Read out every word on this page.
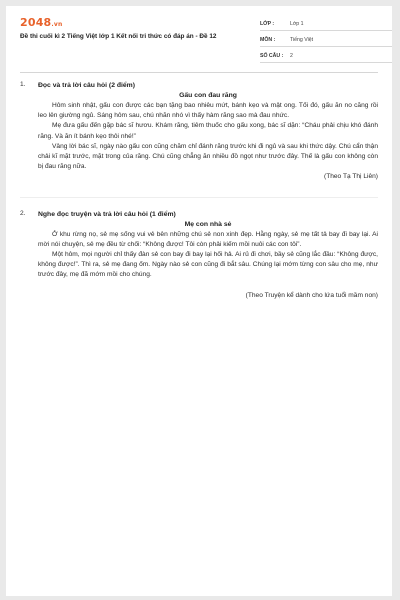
2048.vn
Đề thi cuối kì 2 Tiếng Việt lớp 1 Kết nối tri thức có đáp án - Đề 12
LỚP :	Lớp 1
MÔN :	Tiếng Việt
SỐ CÂU :	2
1. Đọc và trả lời câu hỏi (2 điểm)
Gấu con đau răng

Hôm sinh nhật, gấu con được các bạn tặng bao nhiêu mứt, bánh kẹo và mật ong. Tối đó, gấu ăn no căng rồi leo lên giường ngủ. Sáng hôm sau, chú nhăn nhó vì thấy hàm răng sao mà đau nhức.

Mẹ đưa gấu đến gặp bác sĩ hươu. Khám răng, tiêm thuốc cho gấu xong, bác sĩ dặn: “Cháu phải chịu khó đánh răng. Và ăn ít bánh kẹo thôi nhé!”

Vâng lời bác sĩ, ngày nào gấu con cũng chăm chỉ đánh răng trước khi đi ngủ và sau khi thức dậy. Chú cẩn thận chải kĩ mặt trước, mặt trong của răng. Chú cũng chẳng ăn nhiều đồ ngọt như trước đây. Thế là gấu con không còn bị đau răng nữa.

(Theo Tạ Thị Liên)
2. Nghe đọc truyện và trả lời câu hỏi (1 điểm)
Mẹ con nhà sẻ

Ở khu rừng nọ, sẻ mẹ sống vui vẻ bên những chú sẻ non xinh đẹp. Hằng ngày, sẻ mẹ tất tả bay đi bay lại. Ai mời nói chuyện, sẻ mẹ đều từ chối: “Không được! Tôi còn phải kiếm mồi nuôi các con tôi”.

Một hôm, mọi người chỉ thấy đàn sẻ con bay đi bay lại hối hả. Ai rủ đi chơi, bầy sẻ cũng lắc đầu: “Không được, không được!”. Thì ra, sẻ mẹ đang ốm. Ngày nào sẻ con cũng đi bắt sâu. Chúng lại mớm từng con sâu cho mẹ, như trước đây, mẹ đã mớm mồi cho chúng.

(Theo Truyện kể dành cho lứa tuổi mầm non)
